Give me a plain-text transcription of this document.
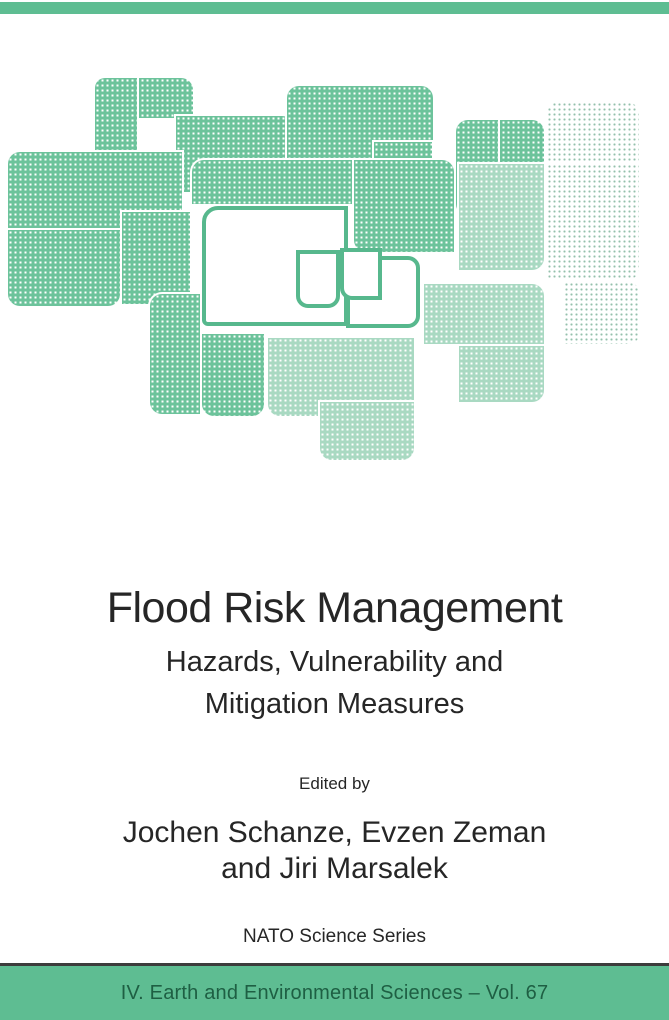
Flood Risk Management
Hazards, Vulnerability and
Mitigation Measures
Edited by
Jochen Schanze, Evzen Zeman
and Jiri Marsalek
NATO Science Series
IV. Earth and Environmental Sciences – Vol. 67
